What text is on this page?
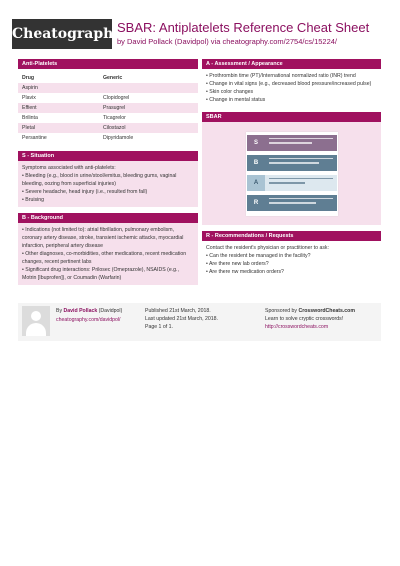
Cheatography
SBAR: Antiplatelets Reference Cheat Sheet
by David Pollack (Davidpol) via cheatography.com/2754/cs/15224/
Anti-Platelets
Drug	Generic
Aspirin
Plavix	Clopidogrel
Effient	Prasugrel
Brilinta	Ticagrelor
Pletal	Cilostazol
Persantine	Dipyridamole
S - Situation
Symptoms associated with anti-platelets:
• Bleeding (e.g., blood in urine/stool/emitus, bleeding gums, vaginal
bleeding, oozing from superficial injuries)
• Severe headache, head injury (i.e., resulted from fall)
• Bruising
B - Background
• Indications (not limited to): atrial fibrillation, pulmonary embolism,
coronary artery disease, stroke, transient ischemic attacks, myocardial
infarction, peripheral artery disease
• Other diagnoses, co-morbidities, other medications, recent medication
changes, recent pertinent labs
• Significant drug interactions: Prilosec (Omeprazole), NSAIDS (e.g.,
Motrin [Ibuprofen]), or Coumadin (Warfarin)
A - Assessment / Appearance
• Prothrombin time (PT)/International normalized ratio (INR) trend
• Change in vital signs (e.g., decreased blood pressure/increased pulse)
• Skin color changes
• Change in mental status
SBAR
S
B
A
R
R - Recommendations / Requests
Contact the resident's physician or practitioner to ask:
• Can the resident be managed in the facility?
• Are there new lab orders?
• Are there nw medication orders?
By David Pollack (Davidpol)
cheatography.com/davidpol/
Published 21st March, 2018.
Last updated 21st March, 2018.
Page 1 of 1.
Sponsored by CrosswordCheats.com
Learn to solve cryptic crosswords!
http://crosswordcheats.com
